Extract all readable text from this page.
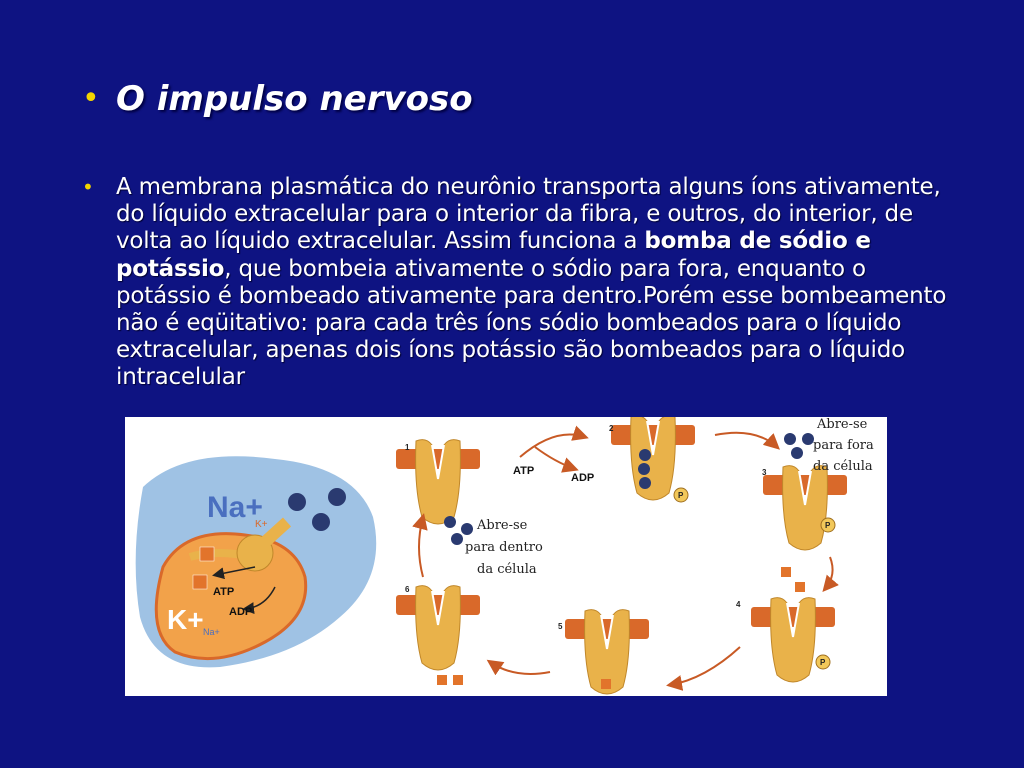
• O impulso nervoso
• A membrana plasmática do neurônio transporta alguns íons ativamente, do líquido extracelular para o interior da fibra, e outros, do interior, de volta ao líquido extracelular. Assim funciona a bomba de sódio e potássio, que bombeia ativamente o sódio para fora, enquanto o potássio é bombeado ativamente para dentro.Porém esse bombeamento não é eqüitativo: para cada três íons sódio bombeados para o líquido extracelular, apenas dois íons potássio são bombeados para o líquido intracelular
Na+
K+
K+ Na+
ATP
ADP
P
P
P
1
2
3
4
5
6
ATP
ADP
Abre-se
para fora
da célula
Abre-se
para dentro
da célula
